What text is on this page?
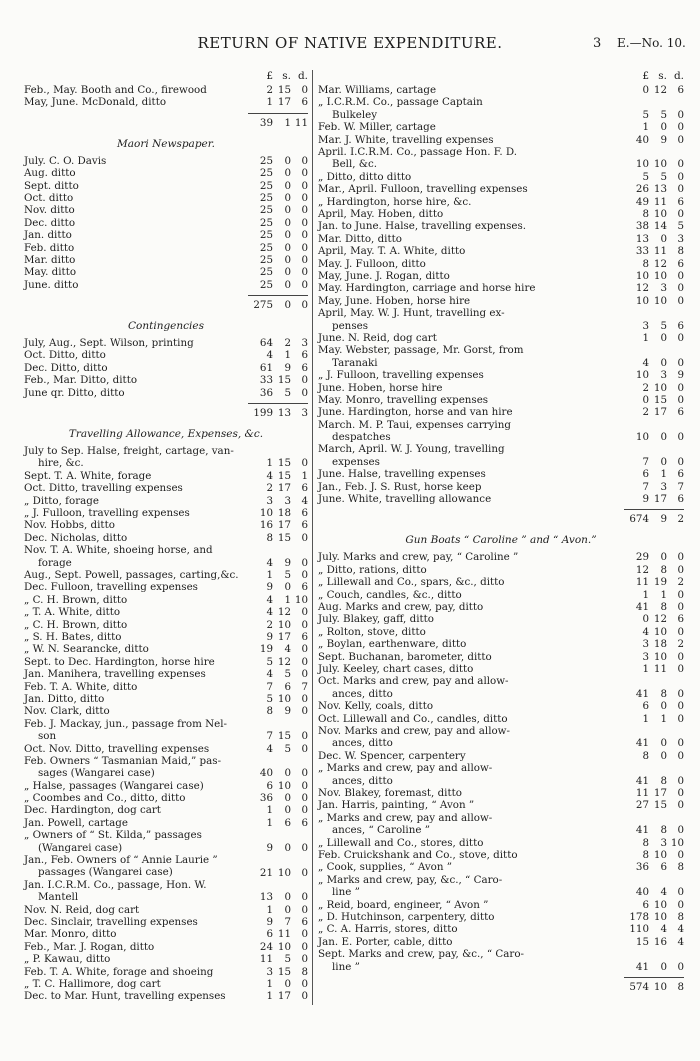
RETURN OF NATIVE EXPENDITURE.	3 E.—No. 10.
£ s. d.
Feb., May. Booth and Co., firewood	2 15	0
May, June. McDonald, ditto	1 17	6
39	1 11
Maori Newspaper.
July. C. O. Davis	25	0	0
Aug. ditto	25	0	0
Sept. ditto	25	0	0
Oct. ditto	25	0	0
Nov. ditto	25	0	0
Dec. ditto	25	0	0
Jan. ditto	25	0	0
Feb. ditto	25	0	0
Mar. ditto	25	0	0
May. ditto	25	0	0
June. ditto	25	0	0
275	0	0
Contingencies
July, Aug., Sept. Wilson, printing	64	2	3
Oct. Ditto, ditto	4	1	6
Dec. Ditto, ditto	61	9	6
Feb., Mar. Ditto, ditto	33 15	0
June qr. Ditto, ditto	36	5	0
199 13	3
Travelling Allowance, Expenses, &c.
July to Sep. Halse, freight, cartage, van-
hire, &c.	1 15	0
Sept. T. A. White, forage	4 15	1
Oct. Ditto, travelling expenses	2 17	6
„ Ditto, forage	3	3	4
„ J. Fulloon, travelling expenses	10 18	6
Nov. Hobbs, ditto	16 17	6
Dec. Nicholas, ditto	8 15	0
Nov. T. A. White, shoeing horse, and
forage	4	9	0
Aug., Sept. Powell, passages, carting,&c.	1	5	0
Dec. Fulloon, travelling expenses	9	0	6
„ C. H. Brown, ditto	4	1 10
„ T. A. White, ditto	4 12	0
„ C. H. Brown, ditto	2 10	0
„ S. H. Bates, ditto	9 17	6
„ W. N. Searancke, ditto	19	4	0
Sept. to Dec. Hardington, horse hire	5 12	0
Jan. Manihera, travelling expenses	4	5	0
Feb. T. A. White, ditto	7	6	7
Jan. Ditto, ditto	5 10	0
Nov. Clark, ditto	8	9	0
Feb. J. Mackay, jun., passage from Nel-
son	7 15	0
Oct. Nov. Ditto, travelling expenses	4	5	0
Feb. Owners “ Tasmanian Maid,” pas-
sages (Wangarei case)	40	0	0
„ Halse, passages (Wangarei case)	6 10	0
„ Coombes and Co., ditto, ditto	36	0	0
Dec. Hardington, dog cart	1	0	0
Jan. Powell, cartage	1	6	6
„ Owners of “ St. Kilda,” passages
(Wangarei case)	9	0	0
Jan., Feb. Owners of “ Annie Laurie ”
passages (Wangarei case)	21 10	0
Jan. I.C.R.M. Co., passage, Hon. W.
Mantell	13	0	0
Nov. N. Reid, dog cart	1	0	0
Dec. Sinclair, travelling expenses	9	7	6
Mar. Monro, ditto	6 11	0
Feb., Mar. J. Rogan, ditto	24 10	0
„ P. Kawau, ditto	11	5	0
Feb. T. A. White, forage and shoeing	3 15	8
„ T. C. Hallimore, dog cart	1	0	0
Dec. to Mar. Hunt, travelling expenses	1 17	0
£ s. d.
Mar. Williams, cartage	0 12	6
„ I.C.R.M. Co., passage Captain
Bulkeley	5	5	0
Feb. W. Miller, cartage	1	0	0
Mar. J. White, travelling expenses	40	9	0
April. I.C.R.M. Co., passage Hon. F. D.
Bell, &c.	10 10	0
„ Ditto, ditto ditto	5	5	0
Mar., April. Fulloon, travelling expenses	26 13	0
„ Hardington, horse hire, &c.	49 11	6
April, May. Hoben, ditto	8 10	0
Jan. to June. Halse, travelling expenses.	38 14	5
Mar. Ditto, ditto	13	0	3
April, May. T. A. White, ditto	33 11	8
May. J. Fulloon, ditto	8 12	6
May, June. J. Rogan, ditto	10 10	0
May. Hardington, carriage and horse hire	12	3	0
May, June. Hoben, horse hire	10 10	0
April, May. W. J. Hunt, travelling ex-
penses	3	5	6
June. N. Reid, dog cart	1	0	0
May. Webster, passage, Mr. Gorst, from
Taranaki	4	0	0
„ J. Fulloon, travelling expenses	10	3	9
June. Hoben, horse hire	2 10	0
May. Monro, travelling expenses	0 15	0
June. Hardington, horse and van hire	2 17	6
March. M. P. Taui, expenses carrying
despatches	10	0	0
March, April. W. J. Young, travelling
expenses	7	0	0
June. Halse, travelling expenses	6	1	6
Jan., Feb. J. S. Rust, horse keep	7	3	7
June. White, travelling allowance	9 17	6
674	9	2
Gun Boats “ Caroline ” and “ Avon.”
July. Marks and crew, pay, “ Caroline ”	29	0	0
„ Ditto, rations, ditto	12	8	0
„ Lillewall and Co., spars, &c., ditto	11 19	2
„ Couch, candles, &c., ditto	1	1	0
Aug. Marks and crew, pay, ditto	41	8	0
July. Blakey, gaff, ditto	0 12	6
„ Rolton, stove, ditto	4 10	0
„ Boylan, earthenware, ditto	3 18	2
Sept. Buchanan, barometer, ditto	3 10	0
July. Keeley, chart cases, ditto	1 11	0
Oct. Marks and crew, pay and allow-
ances, ditto	41	8	0
Nov. Kelly, coals, ditto	6	0	0
Oct. Lillewall and Co., candles, ditto	1	1	0
Nov. Marks and crew, pay and allow-
ances, ditto	41	0	0
Dec. W. Spencer, carpentery	8	0	0
„ Marks and crew, pay and allow-
ances, ditto	41	8	0
Nov. Blakey, foremast, ditto	11 17	0
Jan. Harris, painting, “ Avon ”	27 15	0
„ Marks and crew, pay and allow-
ances, “ Caroline ”	41	8	0
„ Lillewall and Co., stores, ditto	8	3 10
Feb. Cruickshank and Co., stove, ditto	8 10	0
„ Cook, supplies, “ Avon ”	36	6	8
„ Marks and crew, pay, &c., “ Caro-
line ”	40	4	0
„ Reid, board, engineer, “ Avon ”	6 10	0
„ D. Hutchinson, carpentery, ditto	178 10	8
„ C. A. Harris, stores, ditto	110	4	4
Jan. E. Porter, cable, ditto	15 16	4
Sept. Marks and crew, pay, &c., “ Caro-
line ”	41	0	0
574 10	8
